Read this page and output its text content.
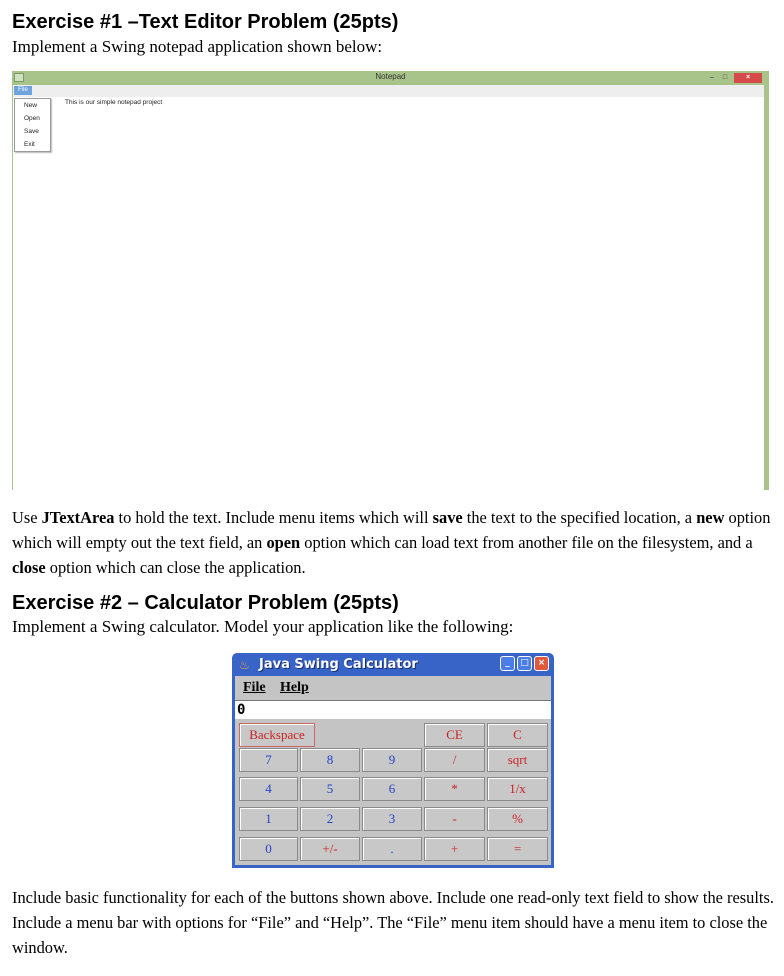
Exercise #1 –Text Editor Problem (25pts)
Implement a Swing notepad application shown below:
Notepad	–	□	×
File
This is our simple notepad project
New
Open
Save
Exit
Use JTextArea to hold the text. Include menu items which will save the text to the specified location, a new option which will empty out the text field, an open option which can load text from another file on the filesystem, and a close option which can close the application.
Exercise #2 – Calculator Problem (25pts)
Implement a Swing calculator. Model your application like the following:
♨ Java Swing Calculator	_	□ ×
File Help
0
Backspace	CE	C
7	8	9	/	sqrt
4	5	6	*	1/x
1	2	3	-	%
0	+/-	.	+	=
Include basic functionality for each of the buttons shown above. Include one read-only text field to show the results. Include a menu bar with options for “File” and “Help”. The “File” menu item should have a menu item to close the window.
